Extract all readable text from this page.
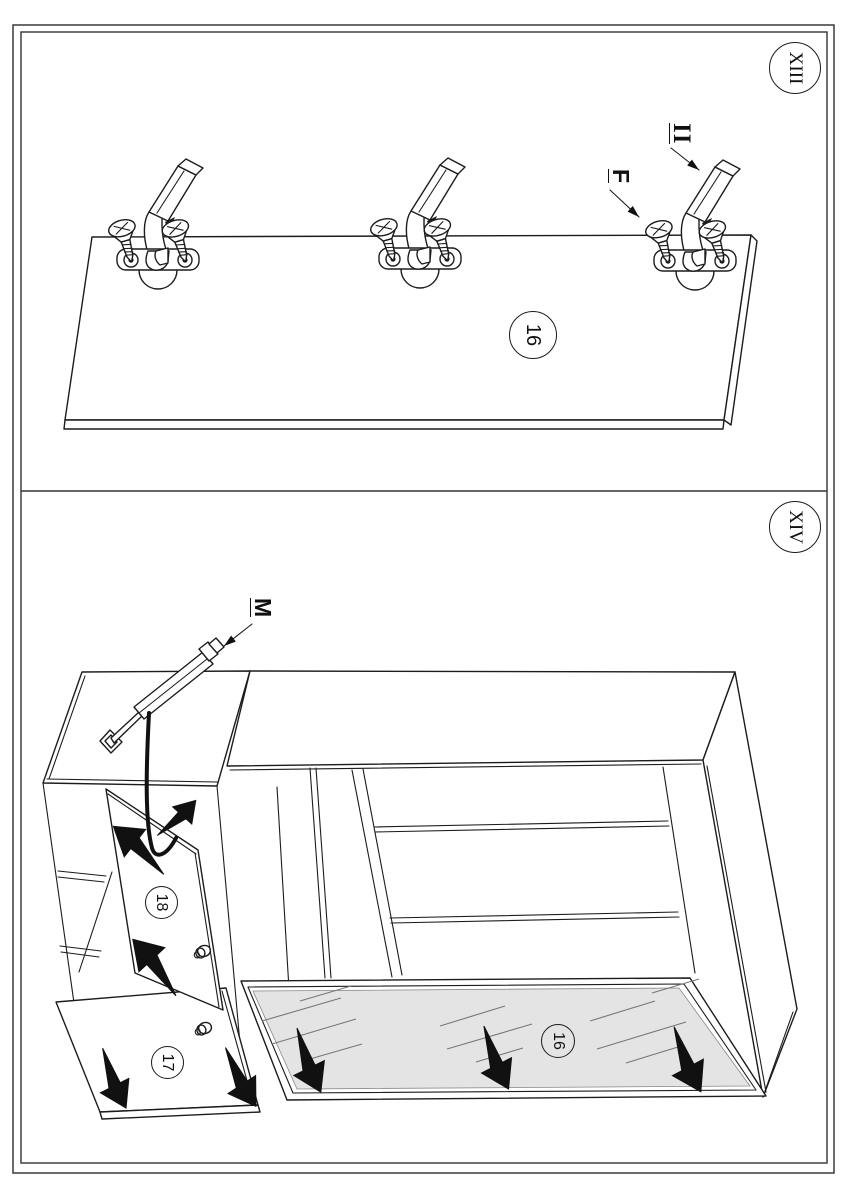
XIII
XIV
16
18
17
16
II
F
M
